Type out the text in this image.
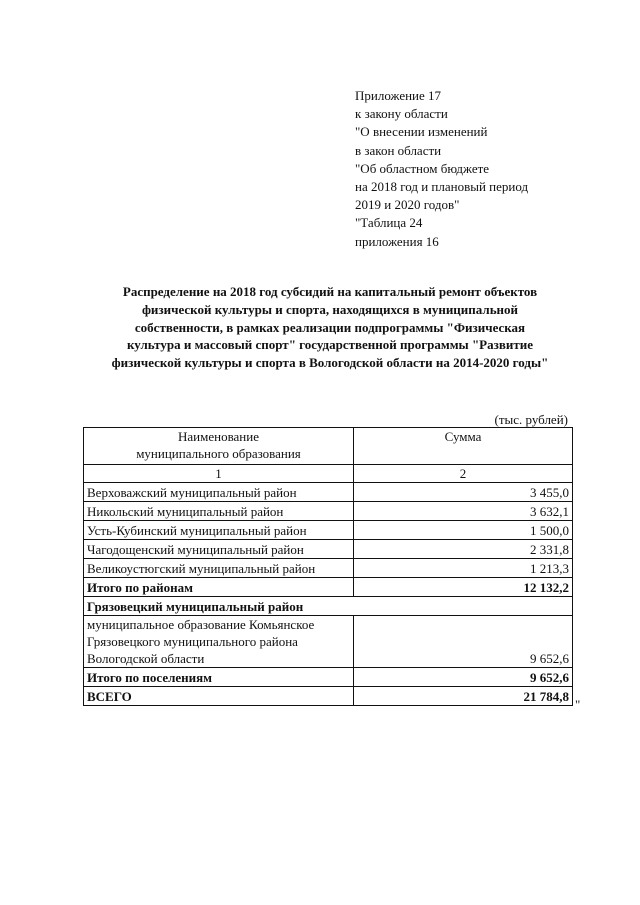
Приложение 17
к закону области
"О внесении изменений
в закон области
"Об областном бюджете
на 2018 год и плановый период
2019 и 2020 годов"
"Таблица 24
приложения 16
Распределение на 2018 год субсидий на капитальный ремонт объектов
физической культуры и спорта, находящихся в муниципальной
собственности, в рамках реализации подпрограммы "Физическая
культура и массовый спорт" государственной программы "Развитие
физической культуры и спорта в Вологодской области на 2014-2020 годы"
(тыс. рублей)
Наименование
муниципального образования	Сумма
1	2
Верховажский муниципальный район	3 455,0
Никольский муниципальный район	3 632,1
Усть-Кубинский муниципальный район	1 500,0
Чагодощенский муниципальный район	2 331,8
Великоустюгский муниципальный район	1 213,3
Итого по районам	12 132,2
Грязовецкий муниципальный район	

муниципальное образование Комьянское
Грязовецкого муниципального района
Вологодской области	9 652,6
Итого по поселениям	9 652,6
ВСЕГО	21 784,8
"
